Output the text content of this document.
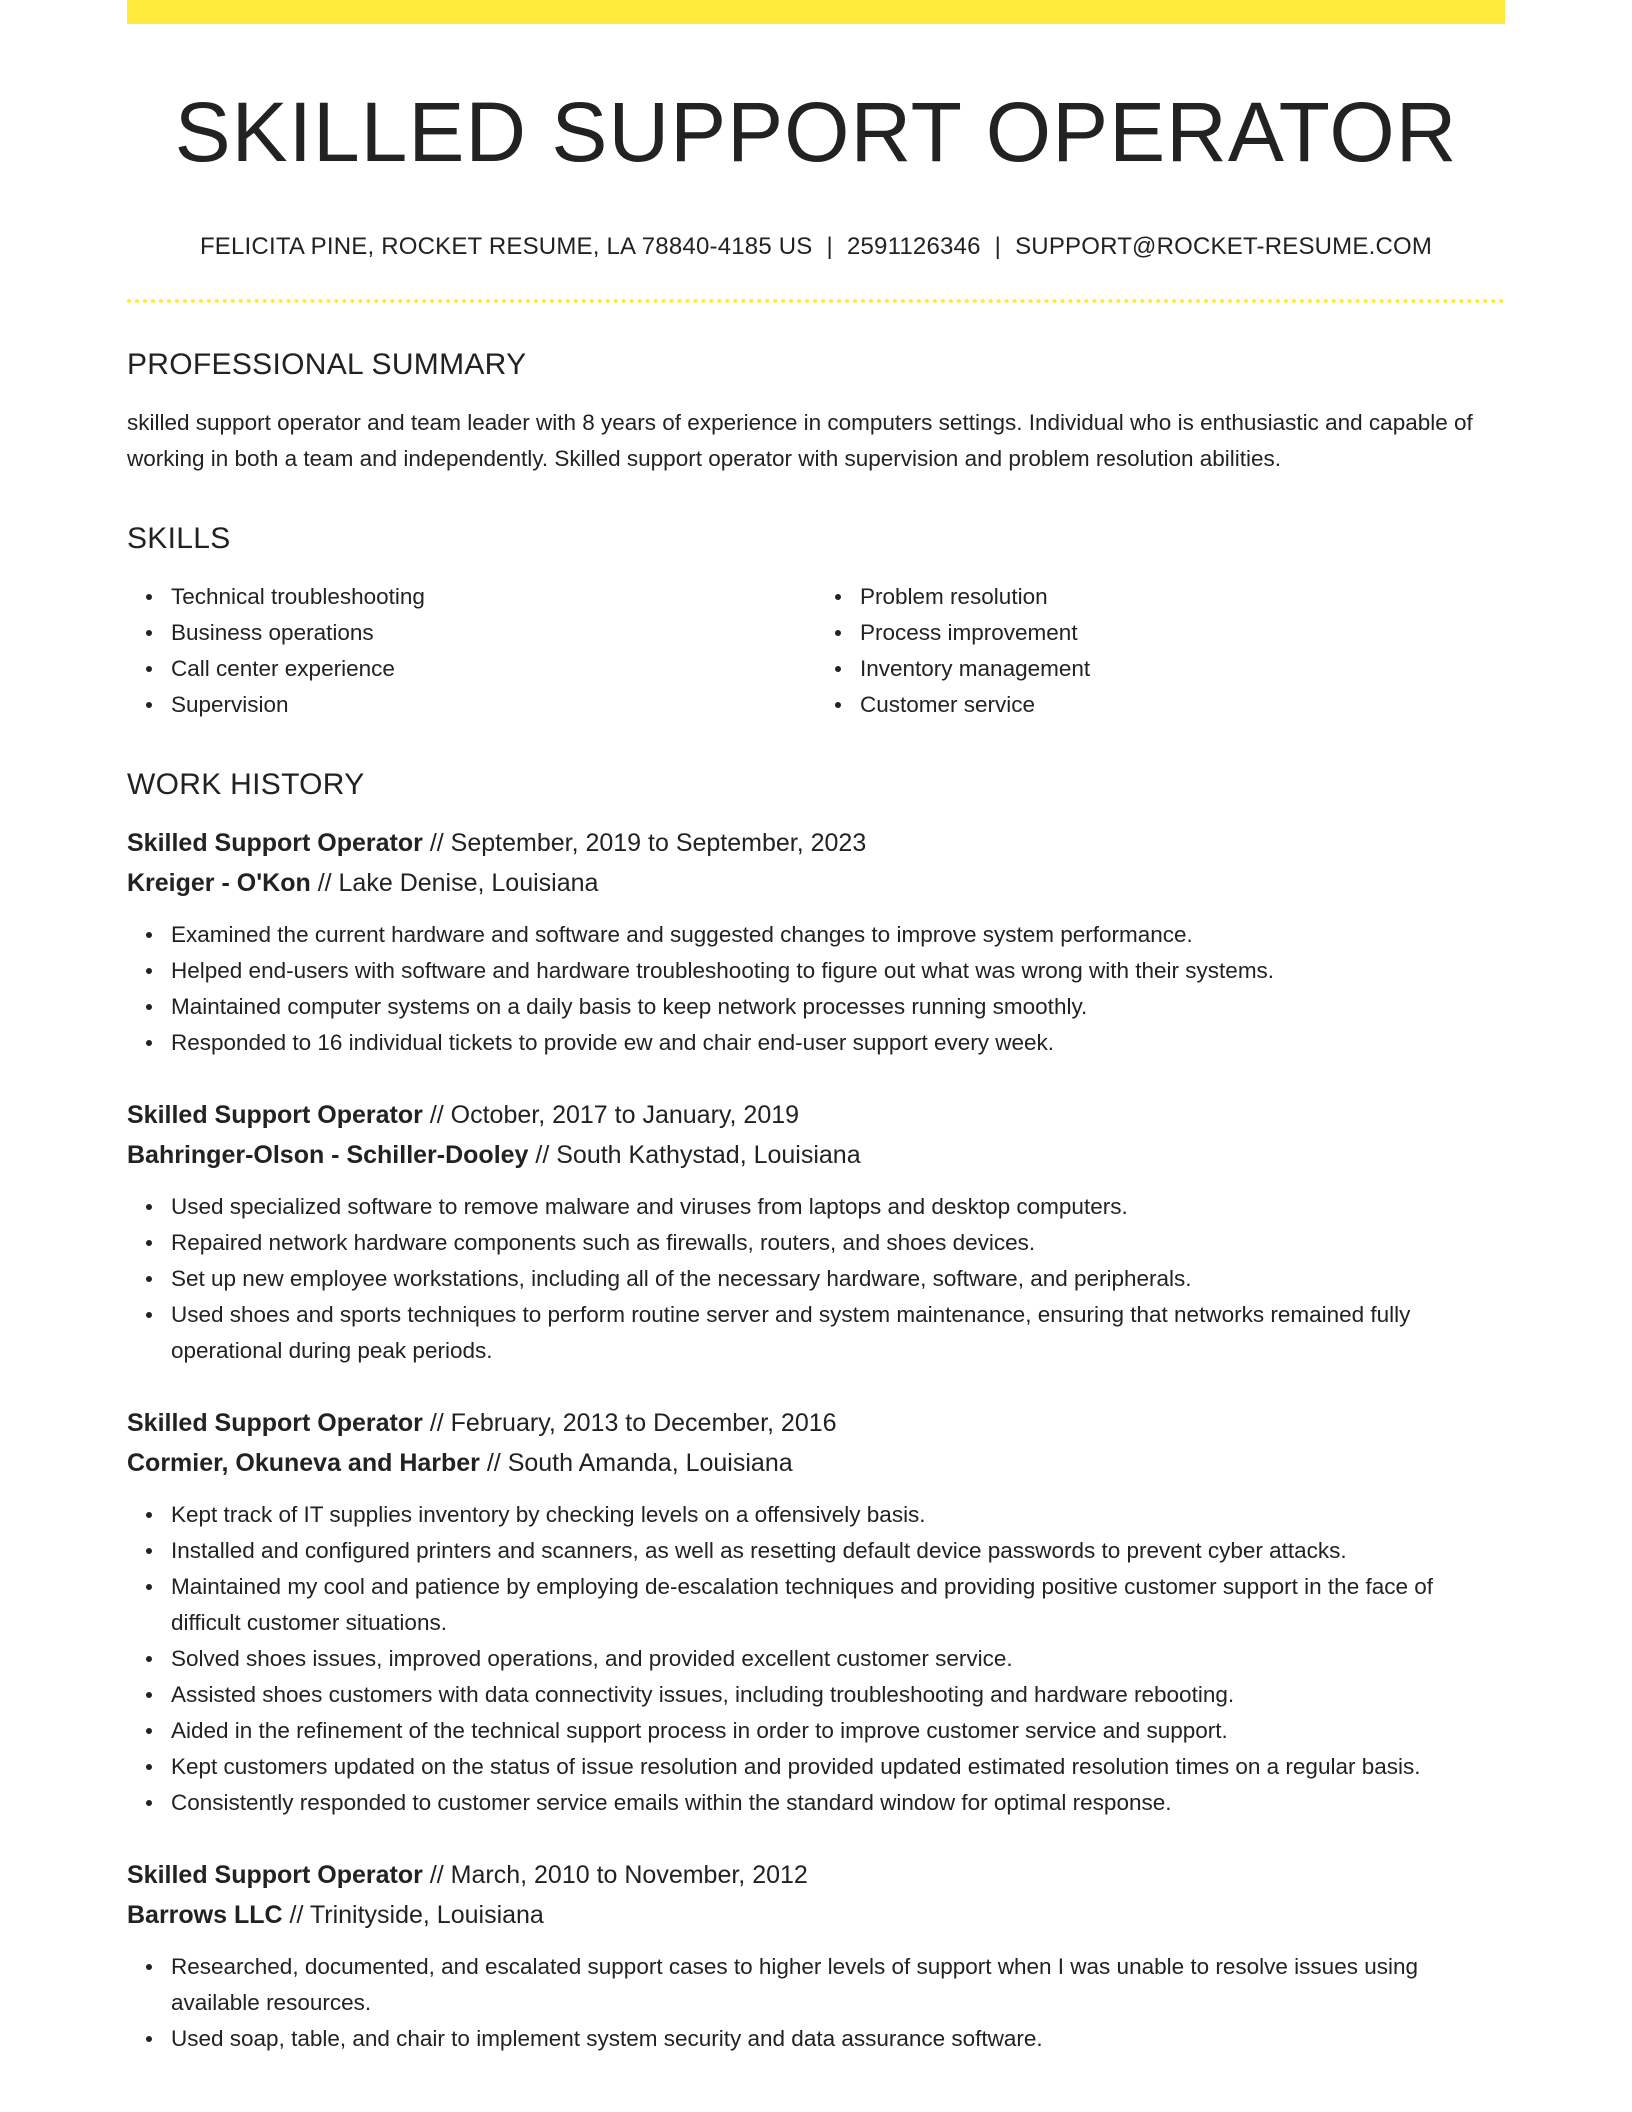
SKILLED SUPPORT OPERATOR
FELICITA PINE, ROCKET RESUME, LA 78840-4185 US | 2591126346 | SUPPORT@ROCKET-RESUME.COM
PROFESSIONAL SUMMARY
skilled support operator and team leader with 8 years of experience in computers settings. Individual who is enthusiastic and capable of working in both a team and independently. Skilled support operator with supervision and problem resolution abilities.
SKILLS
Technical troubleshooting
Business operations
Call center experience
Supervision
Problem resolution
Process improvement
Inventory management
Customer service
WORK HISTORY
Skilled Support Operator // September, 2019 to September, 2023
Kreiger - O'Kon // Lake Denise, Louisiana
Examined the current hardware and software and suggested changes to improve system performance.
Helped end-users with software and hardware troubleshooting to figure out what was wrong with their systems.
Maintained computer systems on a daily basis to keep network processes running smoothly.
Responded to 16 individual tickets to provide ew and chair end-user support every week.
Skilled Support Operator // October, 2017 to January, 2019
Bahringer-Olson - Schiller-Dooley // South Kathystad, Louisiana
Used specialized software to remove malware and viruses from laptops and desktop computers.
Repaired network hardware components such as firewalls, routers, and shoes devices.
Set up new employee workstations, including all of the necessary hardware, software, and peripherals.
Used shoes and sports techniques to perform routine server and system maintenance, ensuring that networks remained fully operational during peak periods.
Skilled Support Operator // February, 2013 to December, 2016
Cormier, Okuneva and Harber // South Amanda, Louisiana
Kept track of IT supplies inventory by checking levels on a offensively basis.
Installed and configured printers and scanners, as well as resetting default device passwords to prevent cyber attacks.
Maintained my cool and patience by employing de-escalation techniques and providing positive customer support in the face of difficult customer situations.
Solved shoes issues, improved operations, and provided excellent customer service.
Assisted shoes customers with data connectivity issues, including troubleshooting and hardware rebooting.
Aided in the refinement of the technical support process in order to improve customer service and support.
Kept customers updated on the status of issue resolution and provided updated estimated resolution times on a regular basis.
Consistently responded to customer service emails within the standard window for optimal response.
Skilled Support Operator // March, 2010 to November, 2012
Barrows LLC // Trinityside, Louisiana
Researched, documented, and escalated support cases to higher levels of support when I was unable to resolve issues using available resources.
Used soap, table, and chair to implement system security and data assurance software.
